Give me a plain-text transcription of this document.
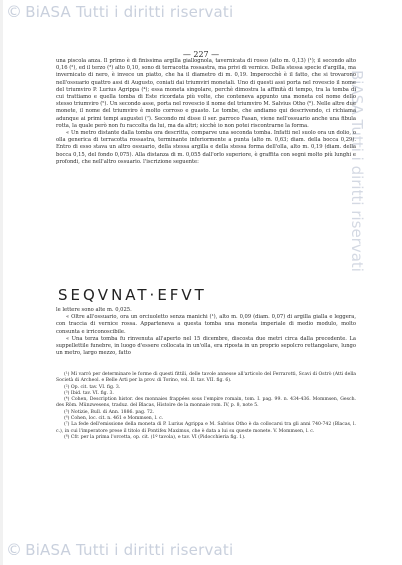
© BiASA Tutti i diritti riservati
BiASA Tutti i diritti riservati
— 227 —

una piscola anza. Il primo è di finissima argilla giallognola, tavernicata di rosso (alto m. 0,13) (¹); il secondo alto 0,16 (²), ed il terzo (³) alto 0,10, sono di terracotta rossastra, ma privi di vernice. Della stessa specie d'argilla, ma invernicato di nero, è invece un piatto, che ha il diametro di m. 0,19. Imperocchè è il fatto, che si trovarono nell'ossuario quattro assi di Augusto, coniati dai triumviri monetali. Uno di questi assi porta nel rovescio il nome del triumviro P. Lurius Agrippa (⁴); essa moneta singolare, perchè dimostra la affinità di tempo, tra la tomba di cui trattiamo e quella tomba di Este ricordata più volte, che conteneva appunto una moneta col nome dello stesso triumviro (⁵). Un secondo asse, porta nel rovescio il nome del triumviro M. Salvius Otho (⁶). Nelle altre due monete, il nome del triumviro è molto corroso e guasto. Le tombe, che andiamo qui descrivendo, ci richiama adunque ai primi tempi augustei (⁷). Secondo mi disse il ser. parroco Fasan, viene nell'ossuario anche una fibula rotta, la quale però non fu raccolta da lui, ma da altri; sicchè io non potei riscontrarne la forma.

« Un metro distante dalla tomba ora descritta, comparve una seconda tomba. Infatti nel suolo ora un dolio, o olla generica di terracotta rossastra, terminante inferiormente a punta (alto m. 0,63; diam. della bocca 0,29). Entro di esso stava un altro ossuario, della stessa argilla e della stessa forma dell'olla, alto m. 0,19 (diam. della bocca 0,15, del fondo 0,075). Alla distanza di m. 0,055 dall'orlo superiore, è graffita con segni molto più lunghi e profondi, che nell'altro ossuario. l'iscrizione seguente:

SEQVNAT·EFVT

le lettere sono alte m. 0,025.

« Oltre all'ossuario, ora un orciuoletto senza manichi (¹), alto m. 0,09 (diam. 0,07) di argilla gialla e leggera, con traccia di vernice rossa. Apparteneva a questa tomba una moneta imperiale di medio modulo, molto consunta e irriconoscibile.

« Una terza tomba fu rinvenuta all'aperto nel 15 dicembre, discosta due metri circa dalla precedente. La suppellettile funebre, in luogo d'essere collocata in un'olla, era riposta in un proprio sepolcro rettangolare, lungo un metro, largo mezzo, fatto

(¹) Mi varrò per determinare le forme di questi fittili, delle tavole annesse all'articolo del Ferrarotti, Scavi di Ostrò (Atti della Società di Archeol. e Belle Arti per la prov. di Torino, vol. II. tav. VII. fig. 6).

(²) Op. cit. tav. VI. fig. 3.

(³) Ibid. tav. VI. fig. 3.

(⁴) Cohen, Description histor. des monnaies frappées sous l'empire romain, tom. I. pag. 99. n. 434-436. Mommsen, Gesch. des Röm. Münzwesens, traduz. del Blacas, Histoire de la monnaie rom. IV, p. 8, note 5.

(⁵) Notizie, Bull. di Ann. 1886. pag. 72.

(⁶) Cohen, loc. cit. n. 461 e Mommsen, l. c.

(⁷) La fede dell'emissione della moneta di P. Lurius Agrippa e M. Salvius Otho è da collocarsi tra gli anni 740-742 (Blacas, l. c.), in cui l'imperatore prese il titolo di Pontifex Maximus, che è data a lui su queste monete. V. Mommsen, l. c.

(⁸) Cfr. per la prima l'orcetta, op. cit. (1º tavola), e tav. VI (Pidocchieria fig. 1).

© BiASA Tutti i diritti riservati
